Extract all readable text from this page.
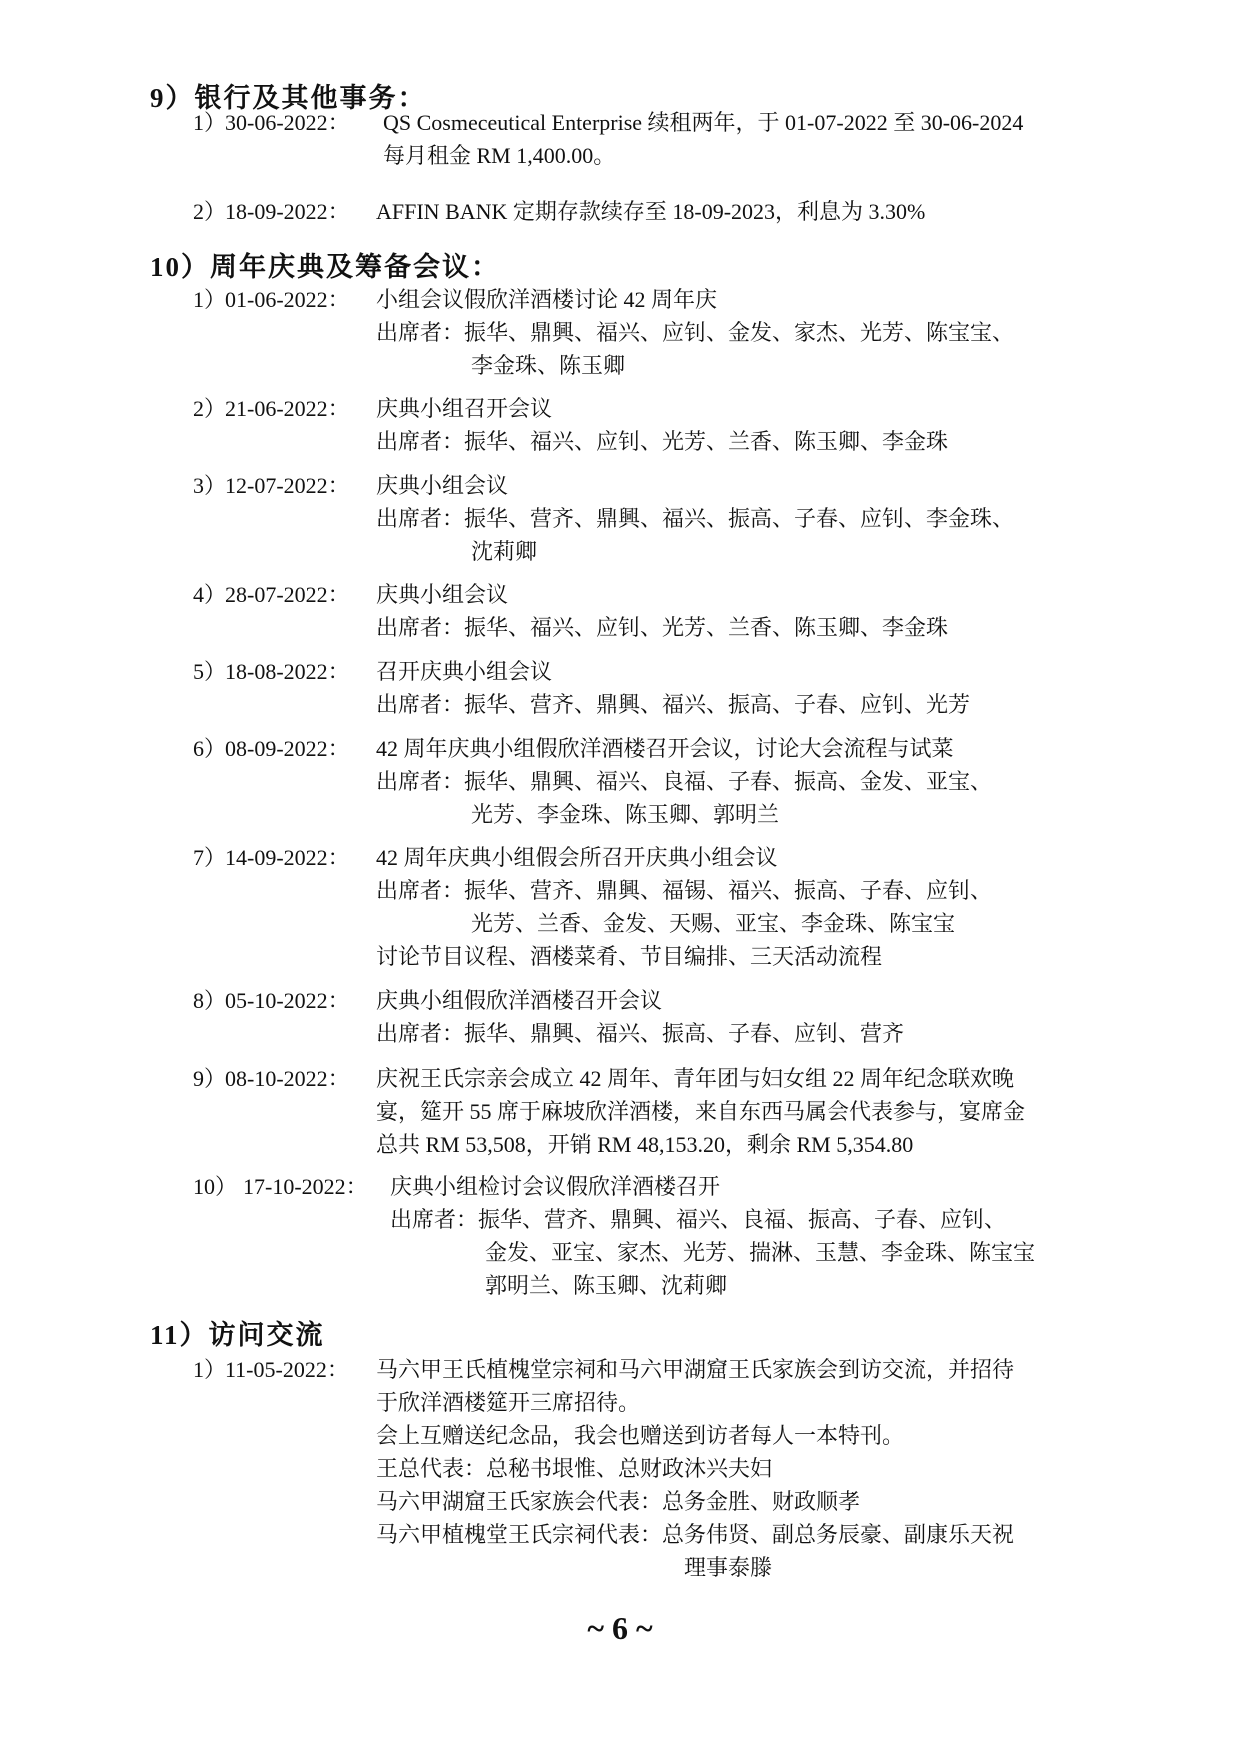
9）银行及其他事务：
1）30-06-2022： QS Cosmeceutical Enterprise 续租两年，于 01-07-2022 至 30-06-2024
每月租金 RM 1,400.00。
2）18-09-2022： AFFIN BANK 定期存款续存至 18-09-2023，利息为 3.30%
10）周年庆典及筹备会议：
1）01-06-2022： 小组会议假欣洋酒楼讨论 42 周年庆
出席者：振华、鼎興、福兴、应钊、金发、家杰、光芳、陈宝宝、
李金珠、陈玉卿
2）21-06-2022： 庆典小组召开会议
出席者：振华、福兴、应钊、光芳、兰香、陈玉卿、李金珠
3）12-07-2022： 庆典小组会议
出席者：振华、营齐、鼎興、福兴、振高、子春、应钊、李金珠、
沈莉卿
4）28-07-2022： 庆典小组会议
出席者：振华、福兴、应钊、光芳、兰香、陈玉卿、李金珠
5）18-08-2022： 召开庆典小组会议
出席者：振华、营齐、鼎興、福兴、振高、子春、应钊、光芳
6）08-09-2022： 42 周年庆典小组假欣洋酒楼召开会议，讨论大会流程与试菜
出席者：振华、鼎興、福兴、良福、子春、振高、金发、亚宝、
光芳、李金珠、陈玉卿、郭明兰
7）14-09-2022： 42 周年庆典小组假会所召开庆典小组会议
出席者：振华、营齐、鼎興、福锡、福兴、振高、子春、应钊、
光芳、兰香、金发、天赐、亚宝、李金珠、陈宝宝
讨论节目议程、酒楼菜肴、节目编排、三天活动流程
8）05-10-2022： 庆典小组假欣洋酒楼召开会议
出席者：振华、鼎興、福兴、振高、子春、应钊、营齐
9）08-10-2022： 庆祝王氏宗亲会成立 42 周年、青年团与妇女组 22 周年纪念联欢晚
宴，筵开 55 席于麻坡欣洋酒楼，来自东西马属会代表参与，宴席金
总共 RM 53,508，开销 RM 48,153.20，剩余 RM 5,354.80
10） 17-10-2022： 庆典小组检讨会议假欣洋酒楼召开
出席者：振华、营齐、鼎興、福兴、良福、振高、子春、应钊、
金发、亚宝、家杰、光芳、揣淋、玉慧、李金珠、陈宝宝
郭明兰、陈玉卿、沈莉卿
11）访问交流
1）11-05-2022： 马六甲王氏植槐堂宗祠和马六甲湖窟王氏家族会到访交流，并招待
于欣洋酒楼筵开三席招待。
会上互赠送纪念品，我会也赠送到访者每人一本特刊。
王总代表：总秘书垠惟、总财政沐兴夫妇
马六甲湖窟王氏家族会代表：总务金胜、财政顺孝
马六甲植槐堂王氏宗祠代表：总务伟贤、副总务辰豪、副康乐天祝
理事泰滕
~ 6 ~
